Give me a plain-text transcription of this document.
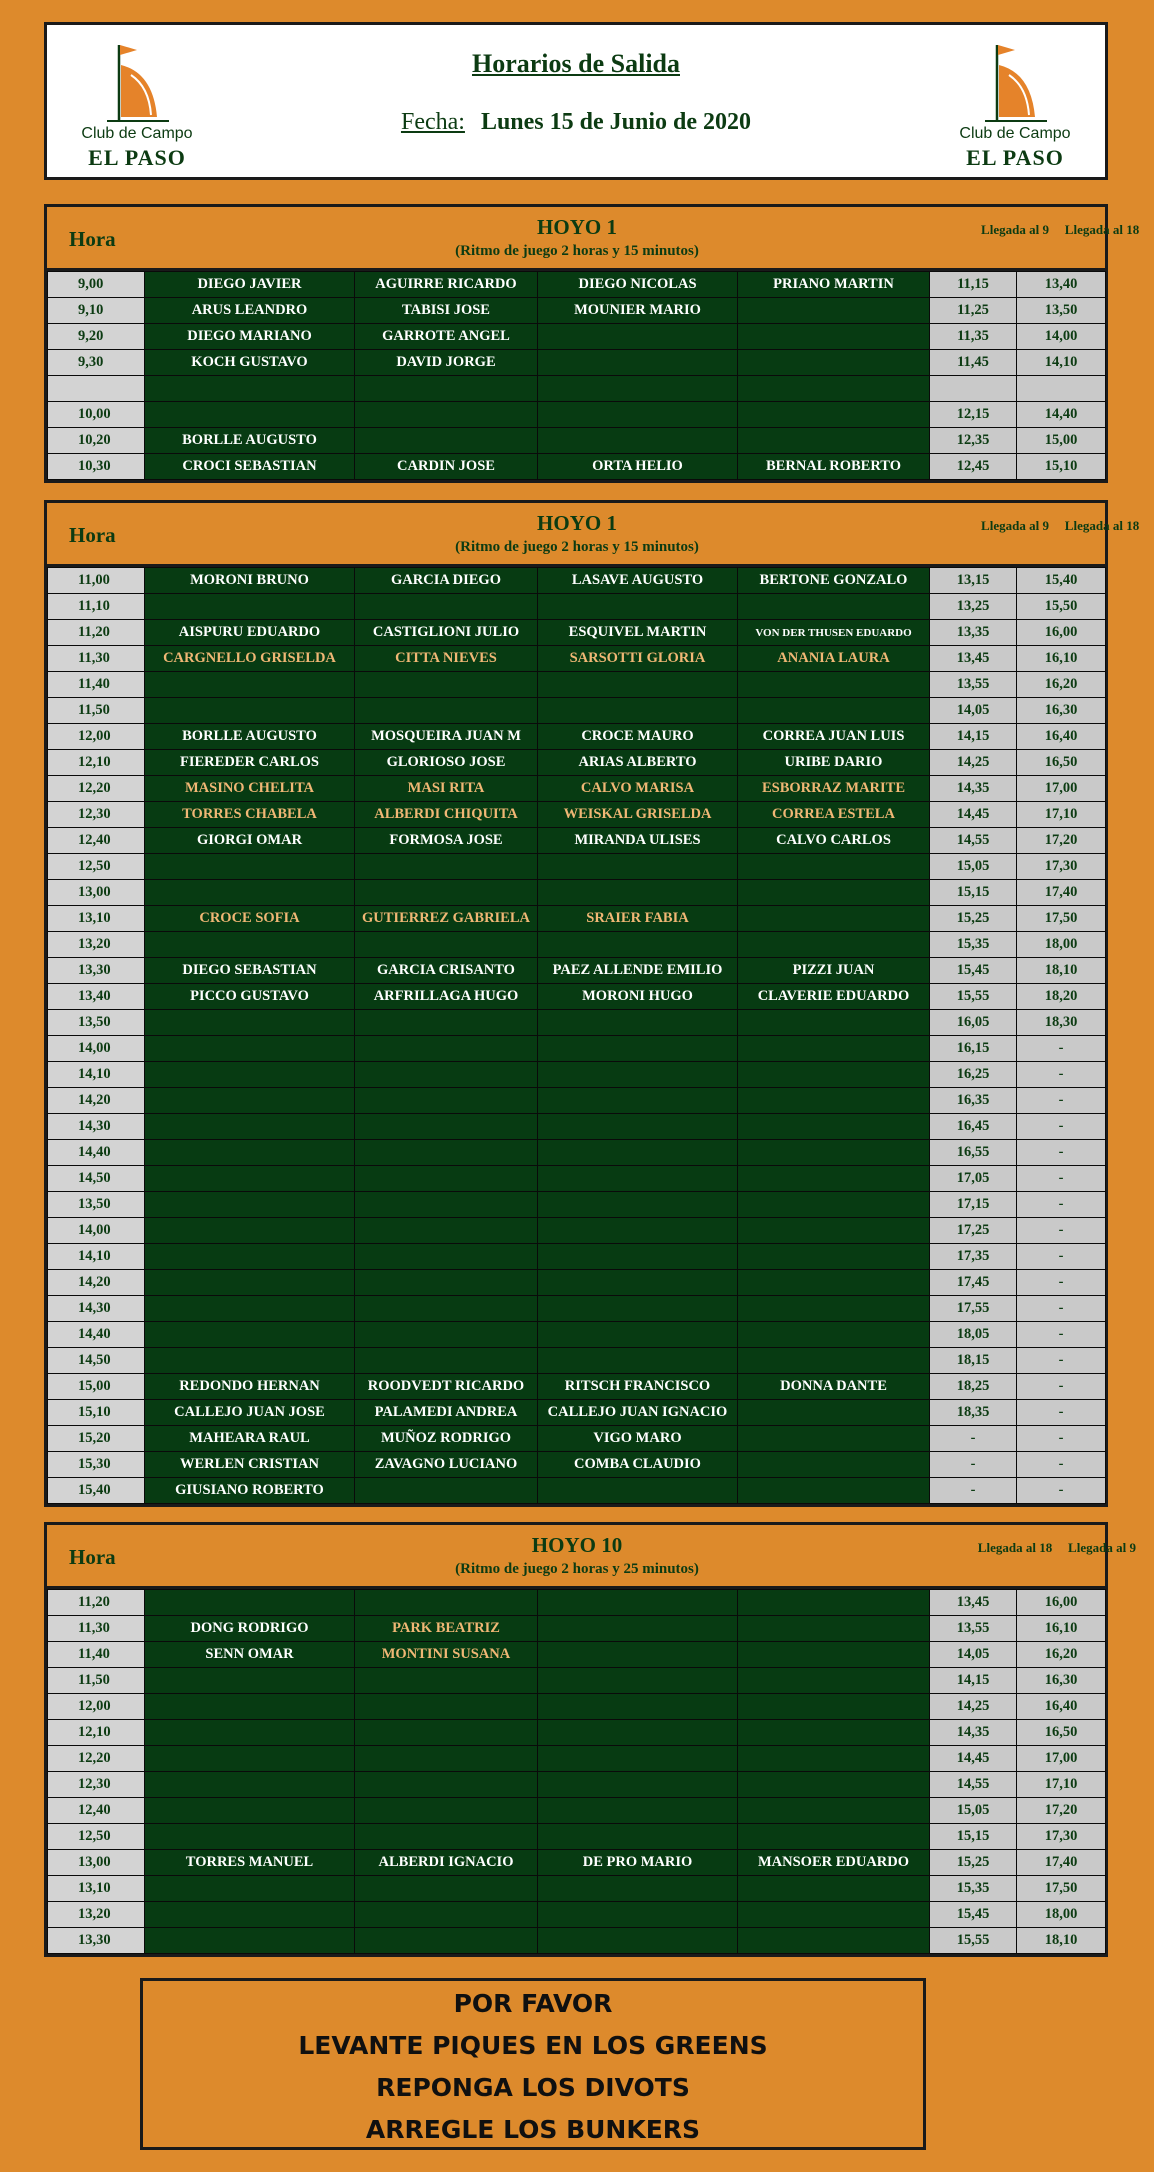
Club de Campo
EL PASO
Horarios de Salida
Fecha: Lunes 15 de Junio de 2020	Club de Campo
EL PASO
Hora	HOYO 1
(Ritmo de juego 2 horas y 15 minutos)
Llegada al 9	Llegada al 18
9,00	DIEGO JAVIER	AGUIRRE RICARDO	DIEGO NICOLAS	PRIANO MARTIN	11,15	13,40
9,10	ARUS LEANDRO	TABISI JOSE	MOUNIER MARIO		11,25	13,50
9,20	DIEGO MARIANO	GARROTE ANGEL			11,35	14,00
9,30	KOCH GUSTAVO	DAVID JORGE			11,45	14,10

10,00					12,15	14,40
10,20	BORLLE AUGUSTO				12,35	15,00
10,30	CROCI SEBASTIAN	CARDIN JOSE	ORTA HELIO	BERNAL ROBERTO	12,45	15,10
Hora	HOYO 1
(Ritmo de juego 2 horas y 15 minutos)
Llegada al 9	Llegada al 18
11,00	MORONI BRUNO	GARCIA DIEGO	LASAVE AUGUSTO	BERTONE GONZALO	13,15	15,40
11,10					13,25	15,50
11,20	AISPURU EDUARDO	CASTIGLIONI JULIO	ESQUIVEL MARTIN	VON DER THUSEN EDUARDO	13,35	16,00
11,30	CARGNELLO GRISELDA	CITTA NIEVES	SARSOTTI GLORIA	ANANIA LAURA	13,45	16,10
11,40					13,55	16,20
11,50					14,05	16,30
12,00	BORLLE AUGUSTO	MOSQUEIRA JUAN M	CROCE MAURO	CORREA JUAN LUIS	14,15	16,40
12,10	FIEREDER CARLOS	GLORIOSO JOSE	ARIAS ALBERTO	URIBE DARIO	14,25	16,50
12,20	MASINO CHELITA	MASI RITA	CALVO MARISA	ESBORRAZ MARITE	14,35	17,00
12,30	TORRES CHABELA	ALBERDI CHIQUITA	WEISKAL GRISELDA	CORREA ESTELA	14,45	17,10
12,40	GIORGI OMAR	FORMOSA JOSE	MIRANDA ULISES	CALVO CARLOS	14,55	17,20
12,50					15,05	17,30
13,00					15,15	17,40
13,10	CROCE SOFIA	GUTIERREZ GABRIELA	SRAIER FABIA		15,25	17,50
13,20					15,35	18,00
13,30	DIEGO SEBASTIAN	GARCIA CRISANTO	PAEZ ALLENDE EMILIO	PIZZI JUAN	15,45	18,10
13,40	PICCO GUSTAVO	ARFRILLAGA HUGO	MORONI HUGO	CLAVERIE EDUARDO	15,55	18,20
13,50					16,05	18,30
14,00					16,15	-
14,10					16,25	-
14,20					16,35	-
14,30					16,45	-
14,40					16,55	-
14,50					17,05	-
13,50					17,15	-
14,00					17,25	-
14,10					17,35	-
14,20					17,45	-
14,30					17,55	-
14,40					18,05	-
14,50					18,15	-
15,00	REDONDO HERNAN	ROODVEDT RICARDO	RITSCH FRANCISCO	DONNA DANTE	18,25	-
15,10	CALLEJO JUAN JOSE	PALAMEDI ANDREA	CALLEJO JUAN IGNACIO		18,35	-
15,20	MAHEARA RAUL	MUÑOZ RODRIGO	VIGO MARO		-	-
15,30	WERLEN CRISTIAN	ZAVAGNO LUCIANO	COMBA CLAUDIO		-	-
15,40	GIUSIANO ROBERTO				-	-
Hora	HOYO 10
(Ritmo de juego 2 horas y 25 minutos)
Llegada al 18	Llegada al 9
11,20					13,45	16,00
11,30	DONG RODRIGO	PARK BEATRIZ			13,55	16,10
11,40	SENN OMAR	MONTINI SUSANA			14,05	16,20
11,50					14,15	16,30
12,00					14,25	16,40
12,10					14,35	16,50
12,20					14,45	17,00
12,30					14,55	17,10
12,40					15,05	17,20
12,50					15,15	17,30
13,00	TORRES MANUEL	ALBERDI IGNACIO	DE PRO MARIO	MANSOER EDUARDO	15,25	17,40
13,10					15,35	17,50
13,20					15,45	18,00
13,30					15,55	18,10
POR FAVOR
LEVANTE PIQUES EN LOS GREENS
REPONGA LOS DIVOTS
ARREGLE LOS BUNKERS
